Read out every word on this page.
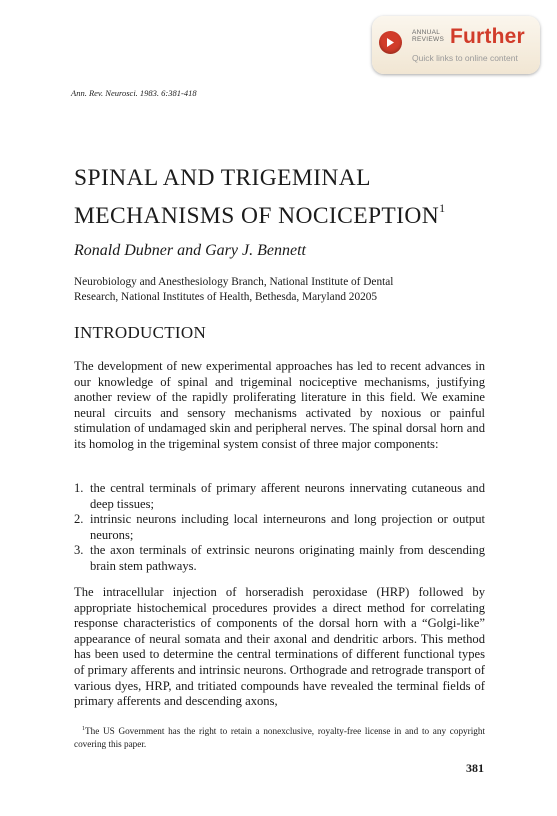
ANNUAL
REVIEWS Further
Quick links to online content
Ann. Rev. Neurosci. 1983. 6:381-418
SPINAL AND TRIGEMINAL
MECHANISMS OF NOCICEPTION$^1$
Ronald Dubner and Gary J. Bennett
Neurobiology and Anesthesiology Branch, National Institute of Dental
Research, National Institutes of Health, Bethesda, Maryland 20205
INTRODUCTION
The development of new experimental approaches has led to recent advances in our knowledge of spinal and trigeminal nociceptive mechanisms, justifying another review of the rapidly proliferating literature in this field. We examine neural circuits and sensory mechanisms activated by noxious or painful stimulation of undamaged skin and peripheral nerves. The spinal dorsal horn and its homolog in the trigeminal system consist of three major components:
1. the central terminals of primary afferent neurons innervating cutaneous and deep tissues;
2. intrinsic neurons including local interneurons and long projection or output neurons;
3. the axon terminals of extrinsic neurons originating mainly from descending brain stem pathways.
The intracellular injection of horseradish peroxidase (HRP) followed by appropriate histochemical procedures provides a direct method for correlating response characteristics of components of the dorsal horn with a “Golgi-like” appearance of neural somata and their axonal and dendritic arbors. This method has been used to determine the central terminations of different functional types of primary afferents and intrinsic neurons. Orthograde and retrograde transport of various dyes, HRP, and tritiated compounds have revealed the terminal fields of primary afferents and descending axons,
$^1$The US Government has the right to retain a nonexclusive, royalty-free license in and to any copyright covering this paper.
381
